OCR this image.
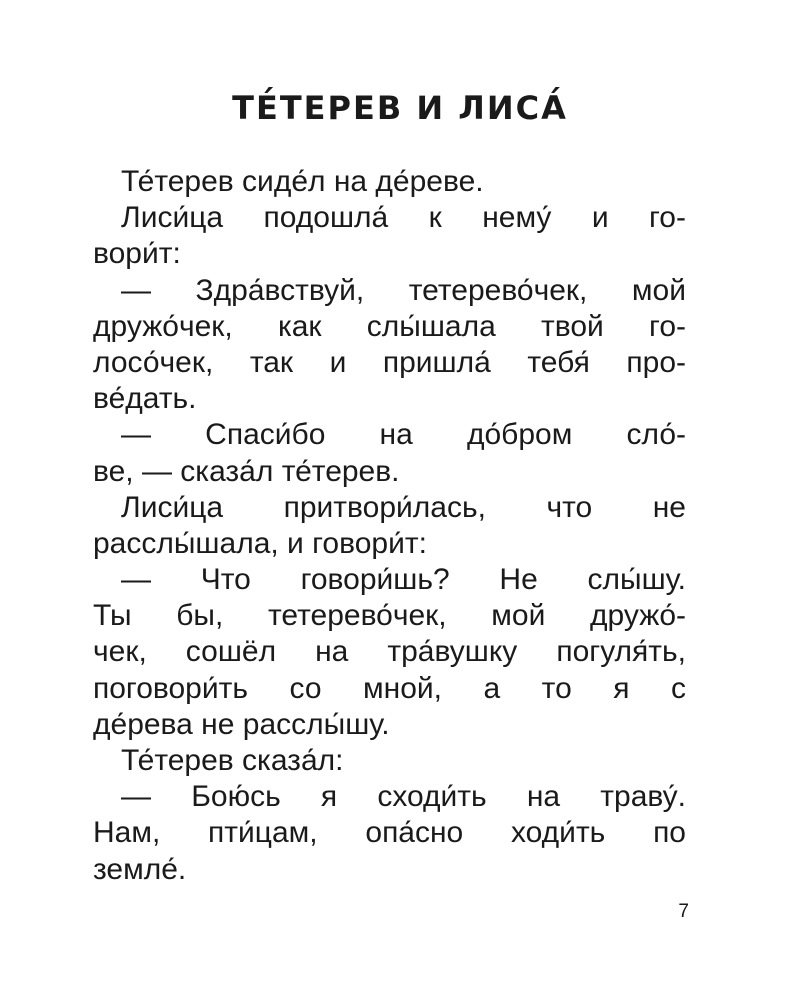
ТЕ́ТЕРЕВ И ЛИСА́
Те́терев сиде́л на де́реве.
Лиси́ца подошла́ к нему́ и го-
вори́т:
— Здра́вствуй, тетерево́чек, мой
дружо́чек, как слы́шала твой го-
лосо́чек, так и пришла́ тебя́ про-
ве́дать.
— Спаси́бо на до́бром сло́-
ве, — сказа́л те́терев.
Лиси́ца притвори́лась, что не
расслы́шала, и говори́т:
— Что говори́шь? Не слы́шу.
Ты бы, тетерево́чек, мой дружо́-
чек, сошёл на тра́вушку погуля́ть,
поговори́ть со мной, а то я с
де́рева не расслы́шу.
Те́терев сказа́л:
— Бою́сь я сходи́ть на траву́.
Нам, пти́цам, опа́сно ходи́ть по
земле́.
7
